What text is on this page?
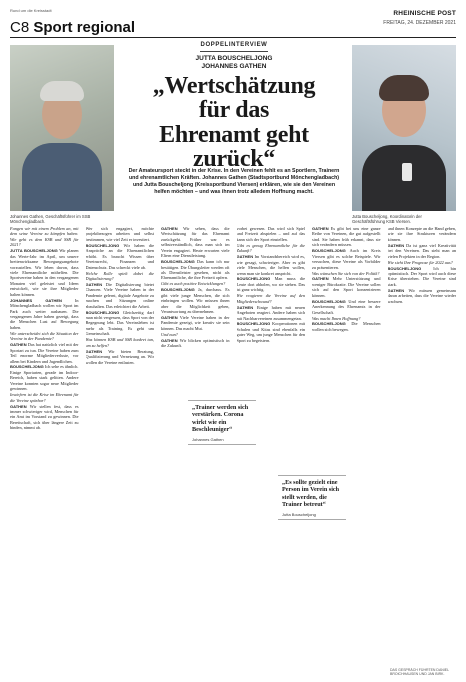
Rund um die Kreisstadt
C8 Sport regional
RHEINISCHE POST
FREITAG, 24. DEZEMBER 2021
Johannes Gathen, Geschäftsführer im SSB Mönchengladbach.
Jutta Bouscheljong, Koordinatorin der Geschäftsführung KSB Viersen.
DOPPELINTERVIEW
JUTTA BOUSCHELJONG
JOHANNES GATHEN
„Wertschätzung
für das
Ehrenamt geht
zurück“
Der Amateursport steckt in der Krise. In den Vereinen fehlt es an Sportlern, Trainern und ehrenamtlichen Kräften. Johannes Gathen (Stadtsportbund Mönchengladbach) und Jutta Bouscheljong (Kreissportbund Viersen) erklären, wie sie den Vereinen helfen möchten – und was ihnen trotz alledem Hoffnung macht.

Fangen wir mit einem Problem an, mit dem seine Vereine zu kämpfen haben. Wie geht es dem KSB und SSB für 2021?

JUTTA BOUSCHELJONG Wir planen das Werte-Jahr im April, um unsere breitenwirksame Bewegungsangebote vorzustellen. Wir leben davon, dass viele Ehrenamtliche mithelfen. Die Sportvereine haben in den vergangenen Monaten viel geleistet und Ideen entwickelt, wie sie ihre Mitglieder halten können.

JOHANNES GATHEN	In Mönchengladbach wollen wir Sport im Park auch weiter ausbauen. Die vergangenen Jahre haben gezeigt, dass die Menschen Lust auf Bewegung haben.

Wie unterscheidet sich die Situation der Vereine in der Pandemie?

GATHEN Das hat natürlich viel mit der Sportart zu tun. Die Vereine haben zum Teil enorme Mitgliederverluste, vor allem bei Kindern und Jugendlichen.

BOUSCHELJONG Ich sehe es ähnlich. Einige Sportarten, gerade im Indoor-Bereich, haben stark gelitten. Andere Vereine konnten sogar neue Mitglieder gewinnen.

Inwiefern ist die Krise im Ehrenamt für die Vereine spürbar?

GATHEN Wir stellen fest, dass es immer schwieriger wird, Menschen für ein Amt im Vorstand zu gewinnen. Die Bereitschaft, sich über längere Zeit zu binden, nimmt ab.

Wer sich engagiert, möchte projektbezogen arbeiten und selbst bestimmen, wie viel Zeit er investiert.

BOUSCHELJONG Wir haben die Ansprüche an die Ehrenamtlichen erhöht. Es braucht Wissen über Vereinsrecht, Finanzen und Datenschutz. Das schreckt viele ab.

Welche Rolle spielt dabei die Digitalisierung?

GATHEN Die Digitalisierung bietet Chancen. Viele Vereine haben in der Pandemie gelernt, digitale Angebote zu machen und Sitzungen online abzuhalten. Das erleichtert die Arbeit.

BOUSCHELJONG Gleichzeitig darf man nicht vergessen, dass Sport von der Begegnung lebt. Das Vereinsleben ist mehr als Training. Es geht um Gemeinschaft.

Was können KSB und SSB konkret tun, um zu helfen?

GATHEN Wir bieten Beratung, Qualifizierung und Vernetzung an. Wir wollen die Vereine entlasten.

GATHEN Wir sehen, dass die Wertschätzung für das Ehrenamt zurückgeht. Früher war es selbstverständlich, dass man sich im Verein engagiert. Heute erwarten viele Eltern eine Dienstleistung.

BOUSCHELJONG Das kann ich nur bestätigen. Die Übungsleiter werden oft als Dienstleister gesehen, nicht als Ehrenamtliche, die ihre Freizeit opfern.

Gibt es auch positive Entwicklungen?

BOUSCHELJONG Ja, durchaus. Es gibt viele junge Menschen, die sich einbringen wollen. Wir müssen ihnen aber die Möglichkeit geben, Verantwortung zu übernehmen.

GATHEN Viele Vereine haben in der Pandemie gezeigt, wie kreativ sie sein können. Das macht Mut.

Und nun?

GATHEN Wir blicken optimistisch in die Zukunft.

vorbei gewesen. Das wird sich Spiel und Freizeit abspielen – und auf das kann sich der Sport einstellen.

Gibt es genug Ehrenamtliche für die Zukunft?

GATHEN Im Vorstandsbereich wird es, wie gesagt, schwieriger. Aber es gibt viele Menschen, die helfen wollen, wenn man sie konkret anspricht.

BOUSCHELJONG Man muss die Leute dort abholen, wo sie stehen. Das ist ganz wichtig.

Wie reagieren die Vereine auf den Mitgliederschwund?

GATHEN Einige haben mit neuen Angeboten reagiert. Andere haben sich mit Nachbarvereinen zusammengetan.

BOUSCHELJONG Kooperationen mit Schulen und Kitas sind ebenfalls ein guter Weg, um junge Menschen für den Sport zu begeistern.

GATHEN Es gibt bei uns eine ganze Reihe von Vereinen, die gut aufgestellt sind. Sie haben früh erkannt, dass sie sich verändern müssen.

BOUSCHELJONG Auch im Kreis Viersen gibt es solche Beispiele. Wir versuchen, diese Vereine als Vorbilder zu präsentieren.

Was wünschen Sie sich von der Politik?

GATHEN Mehr Unterstützung und weniger Bürokratie. Die Vereine sollen sich auf den Sport konzentrieren können.

BOUSCHELJONG Und eine bessere Anerkennung des Ehrenamts in der Gesellschaft.

Was macht Ihnen Hoffnung?

BOUSCHELJONG Die Menschen wollen sich bewegen.

und ihnen Konzepte an die Hand geben, wie sie ihre Strukturen verändern können.

GATHEN Da ist ganz viel Kreativität bei den Vereinen. Das sieht man an vielen Projekten in der Region.

Wie sieht Ihre Prognose für 2022 aus?

BOUSCHELJONG	Ich bin optimistisch. Der Sport wird auch diese Krise überstehen. Die Vereine sind stark.

GATHEN Wir müssen gemeinsam daran arbeiten, dass die Vereine wieder wachsen.

„Trainer werden sich verstärken. Corona wirkt wie ein Beschleuniger“
Johannes Gathen
„Es sollte gezielt eine Person im Verein sich stellt werden, die Trainer betreut“
Jutta Bouscheljong
DAS GESPRÄCH FÜHRTEN DANIEL BROICHHAUSEN UND JAN BIRK.
